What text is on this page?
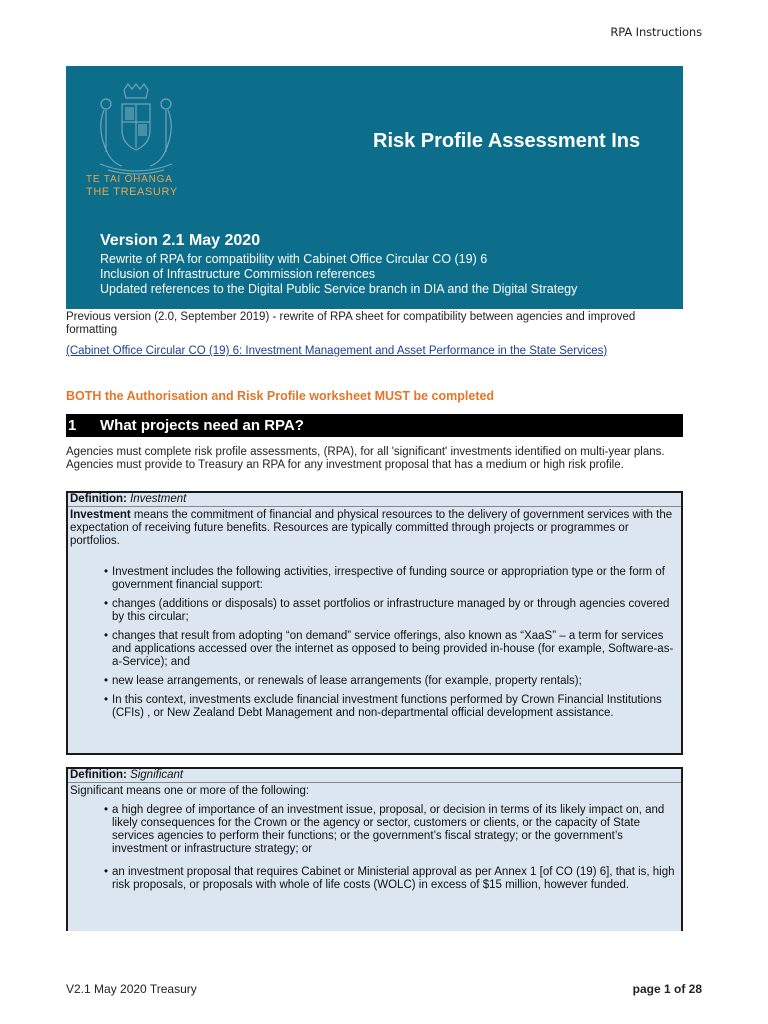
RPA Instructions
TE TAI ŌHANGA
THE TREASURY
Risk Profile Assessment Ins
Version 2.1 May 2020
Rewrite of RPA for compatibility with Cabinet Office Circular CO (19) 6
Inclusion of Infrastructure Commission references
Updated references to the Digital Public Service branch in DIA and the Digital Strategy
Previous version (2.0, September 2019) - rewrite of RPA sheet for compatibility between agencies and improved formatting
(Cabinet Office Circular CO (19) 6: Investment Management and Asset Performance in the State Services)
BOTH the Authorisation and Risk Profile worksheet MUST be completed
1 What projects need an RPA?
Agencies must complete risk profile assessments, (RPA), for all 'significant' investments identified on multi-year plans. Agencies must provide to Treasury an RPA for any investment proposal that has a medium or high risk profile.
Definition: Investment
Investment means the commitment of financial and physical resources to the delivery of government services with the expectation of receiving future benefits. Resources are typically committed through projects or programmes or portfolios.
• Investment includes the following activities, irrespective of funding source or appropriation type or the form of government financial support:
• changes (additions or disposals) to asset portfolios or infrastructure managed by or through agencies covered by this circular;
• changes that result from adopting “on demand” service offerings, also known as “XaaS” – a term for services and applications accessed over the internet as opposed to being provided in-house (for example, Software-as-a-Service); and
• new lease arrangements, or renewals of lease arrangements (for example, property rentals);
• In this context, investments exclude financial investment functions performed by Crown Financial Institutions (CFIs) , or New Zealand Debt Management and non-departmental official development assistance.
Definition: Significant
Significant means one or more of the following:
• a high degree of importance of an investment issue, proposal, or decision in terms of its likely impact on, and likely consequences for the Crown or the agency or sector, customers or clients, or the capacity of State services agencies to perform their functions; or the government’s fiscal strategy; or the government’s investment or infrastructure strategy; or
• an investment proposal that requires Cabinet or Ministerial approval as per Annex 1 [of CO (19) 6], that is, high risk proposals, or proposals with whole of life costs (WOLC) in excess of $15 million, however funded.
V2.1 May 2020 Treasury	page 1 of 28
